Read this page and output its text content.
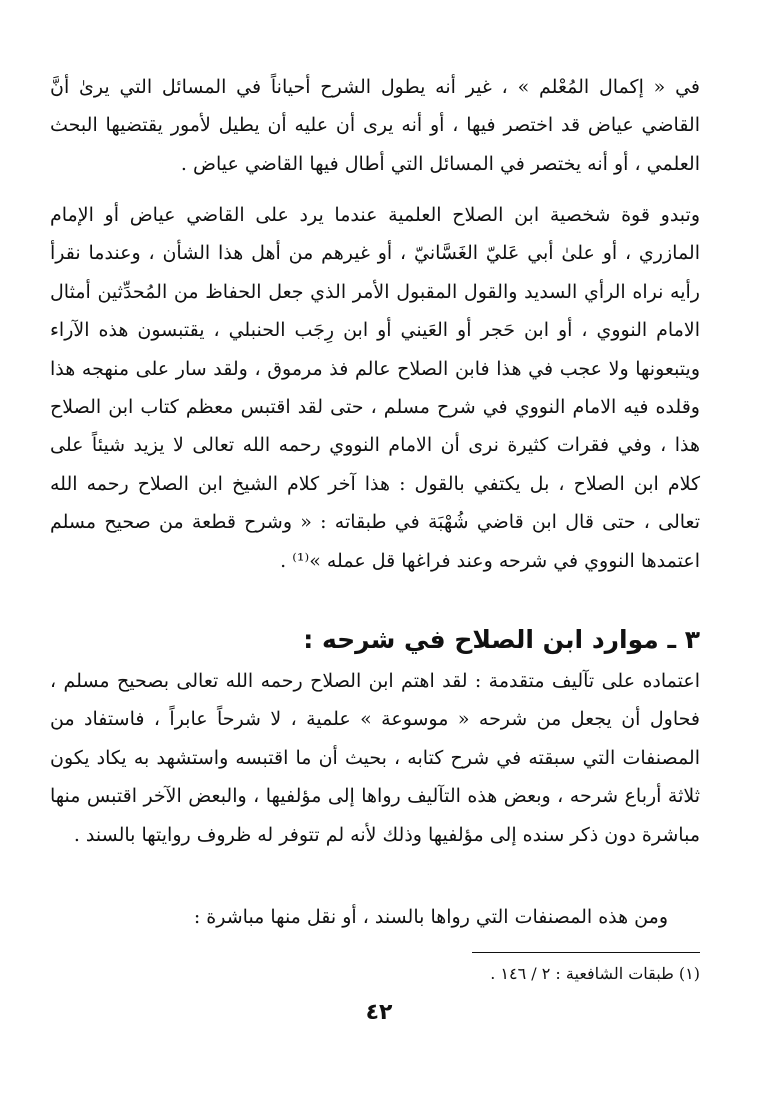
في « إكمال المُعْلم » ، غير أنه يطول الشرح أحياناً في المسائل التي يرىٰ أنَّ القاضي عياض قد اختصر فيها ، أو أنه يرى أن عليه أن يطيل لأمور يقتضيها البحث العلمي ، أو أنه يختصر في المسائل التي أطال فيها القاضي عياض .

وتبدو قوة شخصية ابن الصلاح العلمية عندما يرد على القاضي عياض أو الإمام المازري ، أو علىٰ أبي عَليّ الغَسَّانيّ ، أو غيرهم من أهل هذا الشأن ، وعندما نقرأ رأيه نراه الرأي السديد والقول المقبول الأمر الذي جعل الحفاظ من المُحدِّثين أمثال الامام النووي ، أو ابن حَجر أو العَيني أو ابن رِجَب الحنبلي ، يقتبسون هذه الآراء ويتبعونها ولا عجب في هذا فابن الصلاح عالم فذ مرموق ، ولقد سار على منهجه هذا وقلده فيه الامام النووي في شرح مسلم ، حتى لقد اقتبس معظم كتاب ابن الصلاح هذا ، وفي فقرات كثيرة نرى أن الامام النووي رحمه الله تعالى لا يزيد شيئاً على كلام ابن الصلاح ، بل يكتفي بالقول : هذا آخر كلام الشيخ ابن الصلاح رحمه الله تعالى ، حتى قال ابن قاضي شُهْبَة في طبقاته : « وشرح قطعة من صحيح مسلم اعتمدها النووي في شرحه وعند فراغها قل عمله »⁽¹⁾ .

٣ ـ موارد ابن الصلاح في شرحه :

اعتماده على تآليف متقدمة : لقد اهتم ابن الصلاح رحمه الله تعالى بصحيح مسلم ، فحاول أن يجعل من شرحه « موسوعة » علمية ، لا شرحاً عابراً ، فاستفاد من المصنفات التي سبقته في شرح كتابه ، بحيث أن ما اقتبسه واستشهد به يكاد يكون ثلاثة أرباع شرحه ، وبعض هذه التآليف رواها إلى مؤلفيها ، والبعض الآخر اقتبس منها مباشرة دون ذكر سنده إلى مؤلفيها وذلك لأنه لم تتوفر له ظروف روايتها بالسند .

ومن هذه المصنفات التي رواها بالسند ، أو نقل منها مباشرة :

(١) طبقات الشافعية : ٢ / ١٤٦ .
٤٢
